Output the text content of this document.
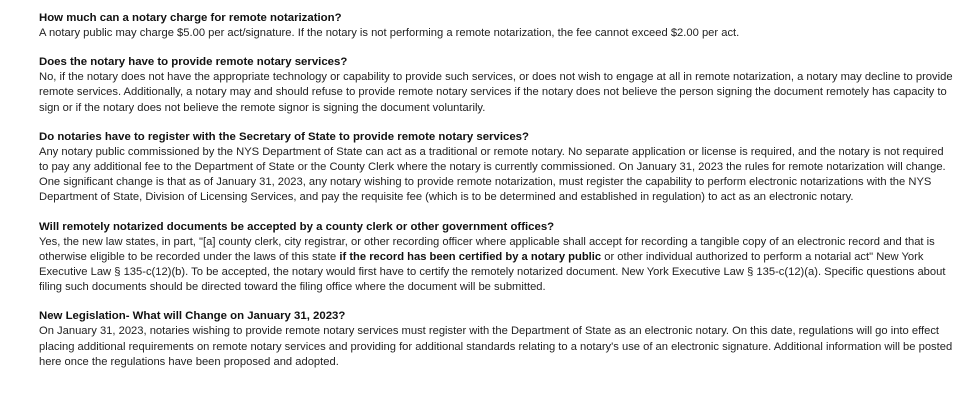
How much can a notary charge for remote notarization?

A notary public may charge $5.00 per act/signature. If the notary is not performing a remote notarization, the fee cannot exceed $2.00 per act.

Does the notary have to provide remote notary services?

No, if the notary does not have the appropriate technology or capability to provide such services, or does not wish to engage at all in remote notarization, a notary may decline to provide remote services. Additionally, a notary may and should refuse to provide remote notary services if the notary does not believe the person signing the document remotely has capacity to sign or if the notary does not believe the remote signor is signing the document voluntarily.

Do notaries have to register with the Secretary of State to provide remote notary services?

Any notary public commissioned by the NYS Department of State can act as a traditional or remote notary. No separate application or license is required, and the notary is not required to pay any additional fee to the Department of State or the County Clerk where the notary is currently commissioned. On January 31, 2023 the rules for remote notarization will change. One significant change is that as of January 31, 2023, any notary wishing to provide remote notarization, must register the capability to perform electronic notarizations with the NYS Department of State, Division of Licensing Services, and pay the requisite fee (which is to be determined and established in regulation) to act as an electronic notary.

Will remotely notarized documents be accepted by a county clerk or other government offices?

Yes, the new law states, in part, "[a] county clerk, city registrar, or other recording officer where applicable shall accept for recording a tangible copy of an electronic record and that is otherwise eligible to be recorded under the laws of this state if the record has been certified by a notary public or other individual authorized to perform a notarial act" New York Executive Law § 135-c(12)(b). To be accepted, the notary would first have to certify the remotely notarized document. New York Executive Law § 135-c(12)(a). Specific questions about filing such documents should be directed toward the filing office where the document will be submitted.

New Legislation- What will Change on January 31, 2023?

On January 31, 2023, notaries wishing to provide remote notary services must register with the Department of State as an electronic notary. On this date, regulations will go into effect placing additional requirements on remote notary services and providing for additional standards relating to a notary's use of an electronic signature. Additional information will be posted here once the regulations have been proposed and adopted.
